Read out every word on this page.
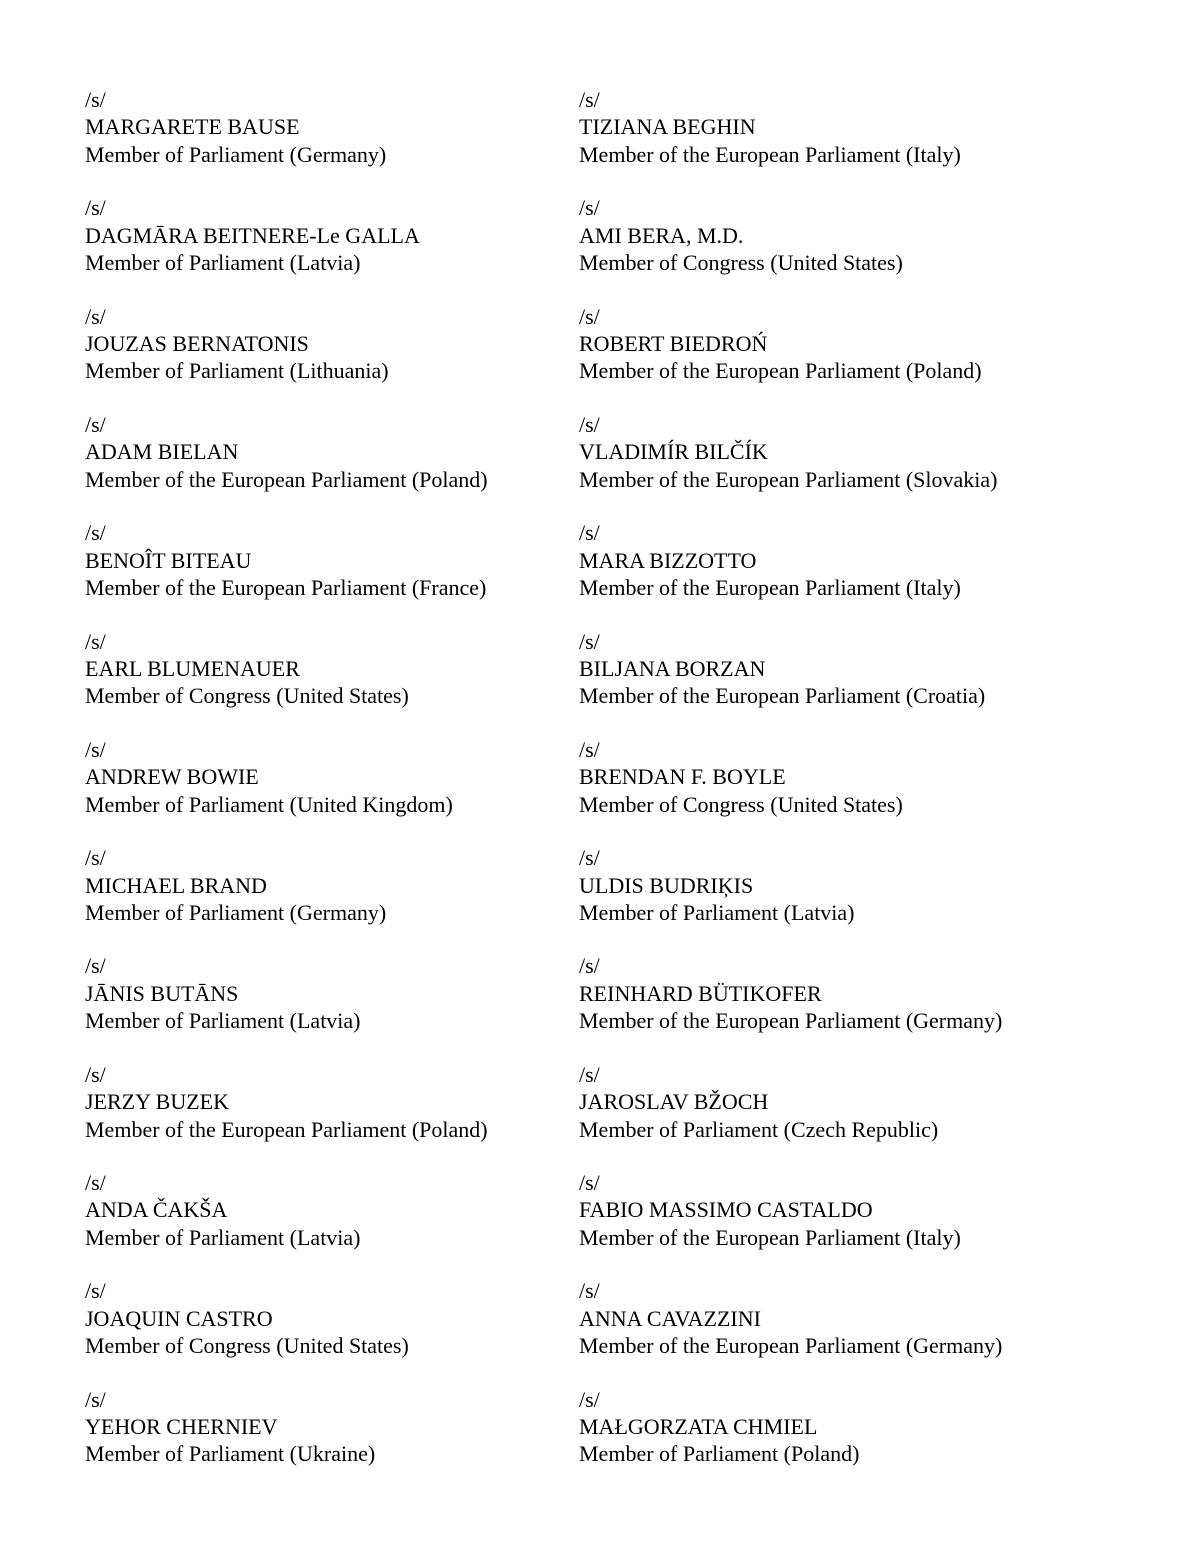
/s/
MARGARETE BAUSE
Member of Parliament (Germany)
/s/
DAGMĀRA BEITNERE-Le GALLA
Member of Parliament (Latvia)
/s/
JOUZAS BERNATONIS
Member of Parliament (Lithuania)
/s/
ADAM BIELAN
Member of the European Parliament (Poland)
/s/
BENOÎT BITEAU
Member of the European Parliament (France)
/s/
EARL BLUMENAUER
Member of Congress (United States)
/s/
ANDREW BOWIE
Member of Parliament (United Kingdom)
/s/
MICHAEL BRAND
Member of Parliament (Germany)
/s/
JĀNIS BUTĀNS
Member of Parliament (Latvia)
/s/
JERZY BUZEK
Member of the European Parliament (Poland)
/s/
ANDA ČAKŠA
Member of Parliament (Latvia)
/s/
JOAQUIN CASTRO
Member of Congress (United States)
/s/
YEHOR CHERNIEV
Member of Parliament (Ukraine)
/s/
TIZIANA BEGHIN
Member of the European Parliament (Italy)
/s/
AMI BERA, M.D.
Member of Congress (United States)
/s/
ROBERT BIEDROŃ
Member of the European Parliament (Poland)
/s/
VLADIMÍR BILČÍK
Member of the European Parliament (Slovakia)
/s/
MARA BIZZOTTO
Member of the European Parliament (Italy)
/s/
BILJANA BORZAN
Member of the European Parliament (Croatia)
/s/
BRENDAN F. BOYLE
Member of Congress (United States)
/s/
ULDIS BUDRIĶIS
Member of Parliament (Latvia)
/s/
REINHARD BÜTIKOFER
Member of the European Parliament (Germany)
/s/
JAROSLAV BŽOCH
Member of Parliament (Czech Republic)
/s/
FABIO MASSIMO CASTALDO
Member of the European Parliament (Italy)
/s/
ANNA CAVAZZINI
Member of the European Parliament (Germany)
/s/
MAŁGORZATA CHMIEL
Member of Parliament (Poland)
